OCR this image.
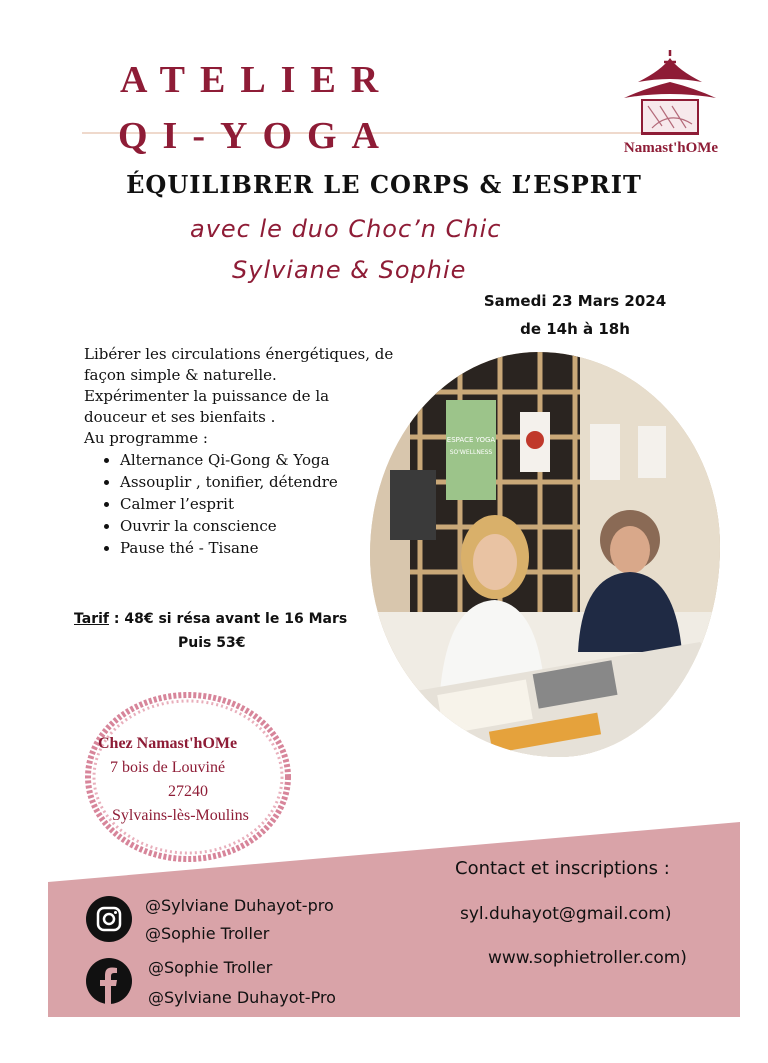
ATELIER
QI-YOGA	Namast'hOMe
ÉQUILIBRER LE CORPS & L’ESPRIT
avec le duo Choc’n Chic
Sylviane & Sophie
Samedi 23 Mars 2024
de 14h à 18h

Libérer les circulations énergétiques, de façon simple & naturelle.

Expérimenter la puissance de la douceur et ses bienfaits .

Au programme :

• Alternance Qi-Gong & Yoga
• Assouplir , tonifier, détendre
• Calmer l’esprit
• Ouvrir la conscience
• Pause thé - Tisane
Tarif : 48€ si résa avant le 16 Mars
Puis 53€
ESPACE YOGA
SO'WELLNESS
Chez Namast'hOMe
7 bois de Louviné
27240
Sylvains-lès-Moulins
Contact et inscriptions :
syl.duhayot@gmail.com)
www.sophietroller.com)
@Sylviane Duhayot-pro
@Sophie Troller
@Sophie Troller
@Sylviane Duhayot-Pro
